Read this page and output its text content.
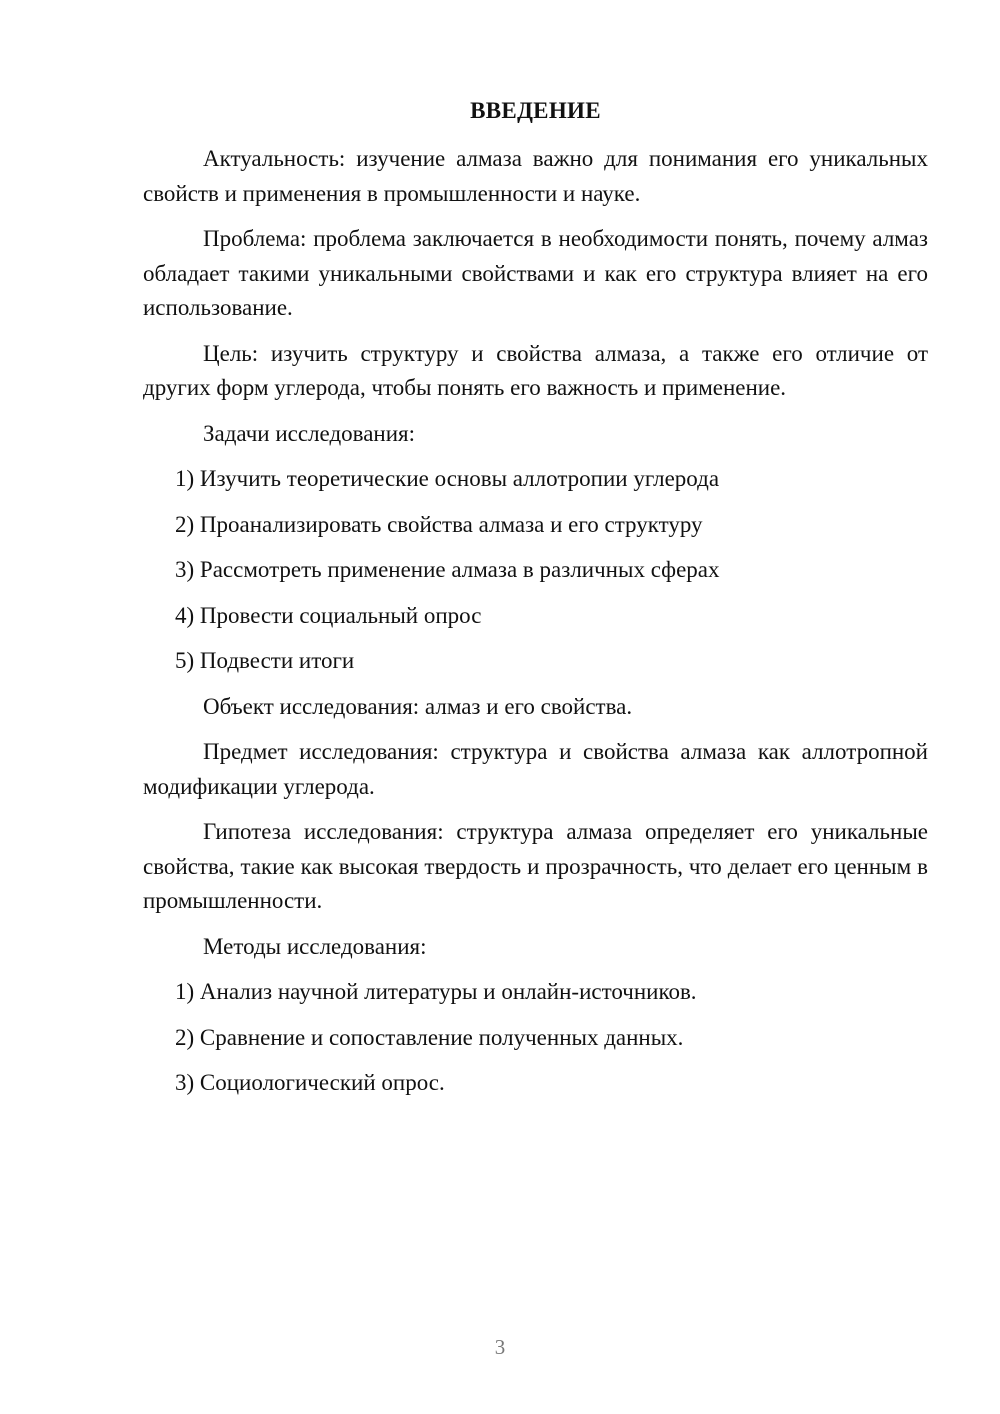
ВВЕДЕНИЕ

Актуальность: изучение алмаза важно для понимания его уникальных свойств и применения в промышленности и науке.

Проблема: проблема заключается в необходимости понять, почему алмаз обладает такими уникальными свойствами и как его структура влияет на его использование.

Цель: изучить структуру и свойства алмаза, а также его отличие от других форм углерода, чтобы понять его важность и применение.

Задачи исследования:

1) Изучить теоретические основы аллотропии углерода

2) Проанализировать свойства алмаза и его структуру

3) Рассмотреть применение алмаза в различных сферах

4) Провести социальный опрос

5) Подвести итоги

Объект исследования: алмаз и его свойства.

Предмет исследования: структура и свойства алмаза как аллотропной модификации углерода.

Гипотеза исследования: структура алмаза определяет его уникальные свойства, такие как высокая твердость и прозрачность, что делает его ценным в промышленности.

Методы исследования:

1) Анализ научной литературы и онлайн-источников.

2) Сравнение и сопоставление полученных данных.

3) Социологический опрос.

3
